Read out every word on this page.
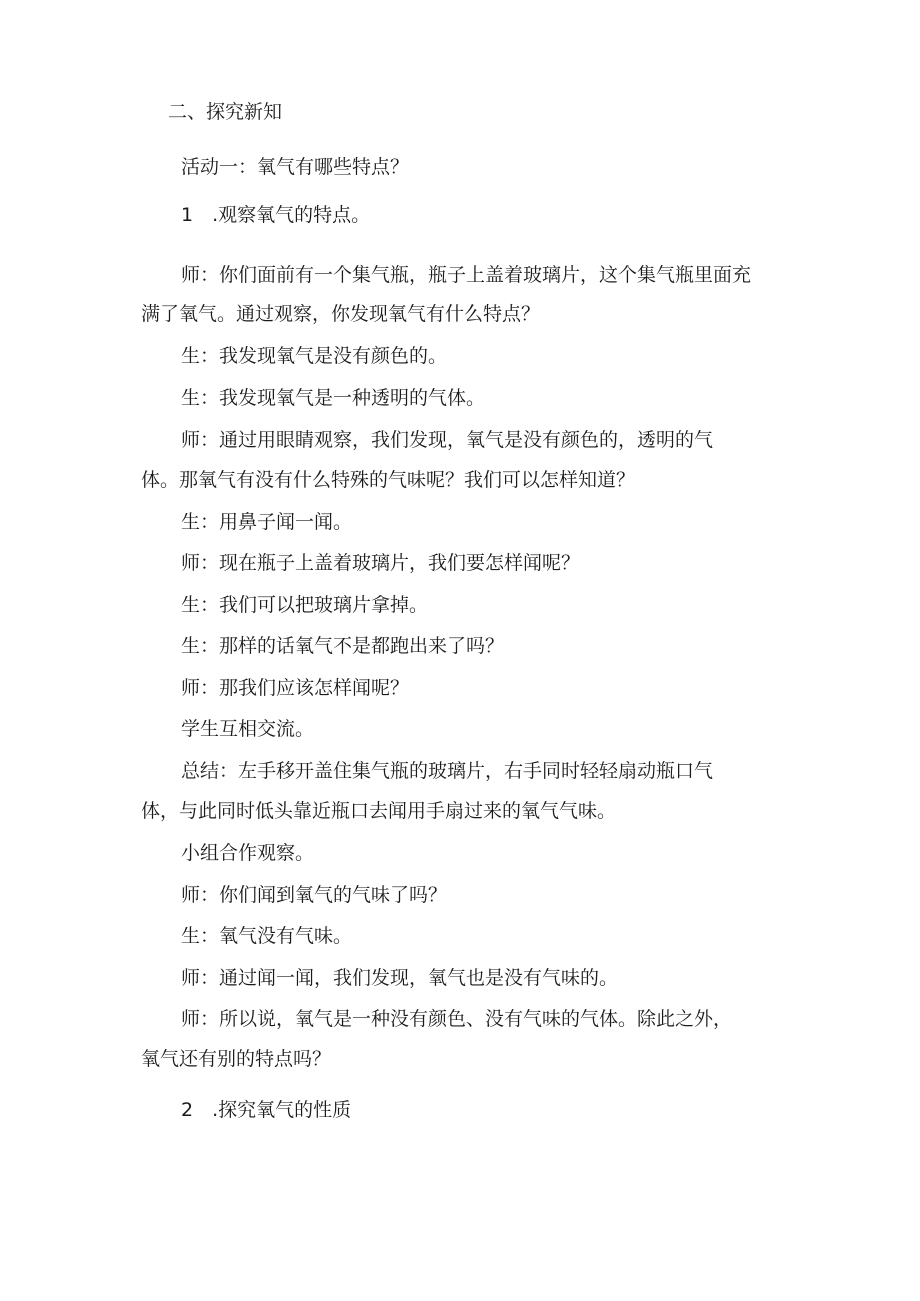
二、探究新知

活动一：氧气有哪些特点？

1　.观察氧气的特点。

师：你们面前有一个集气瓶，瓶子上盖着玻璃片，这个集气瓶里面充

满了氧气。通过观察，你发现氧气有什么特点？

生：我发现氧气是没有颜色的。

生：我发现氧气是一种透明的气体。

师：通过用眼睛观察，我们发现，氧气是没有颜色的，透明的气

体。那氧气有没有什么特殊的气味呢？我们可以怎样知道？

生：用鼻子闻一闻。

师：现在瓶子上盖着玻璃片，我们要怎样闻呢？

生：我们可以把玻璃片拿掉。

生：那样的话氧气不是都跑出来了吗？

师：那我们应该怎样闻呢？

学生互相交流。

总结：左手移开盖住集气瓶的玻璃片，右手同时轻轻扇动瓶口气

体，与此同时低头靠近瓶口去闻用手扇过来的氧气气味。

小组合作观察。

师：你们闻到氧气的气味了吗？

生：氧气没有气味。

师：通过闻一闻，我们发现，氧气也是没有气味的。

师：所以说，氧气是一种没有颜色、没有气味的气体。除此之外，

氧气还有别的特点吗？

2　.探究氧气的性质
